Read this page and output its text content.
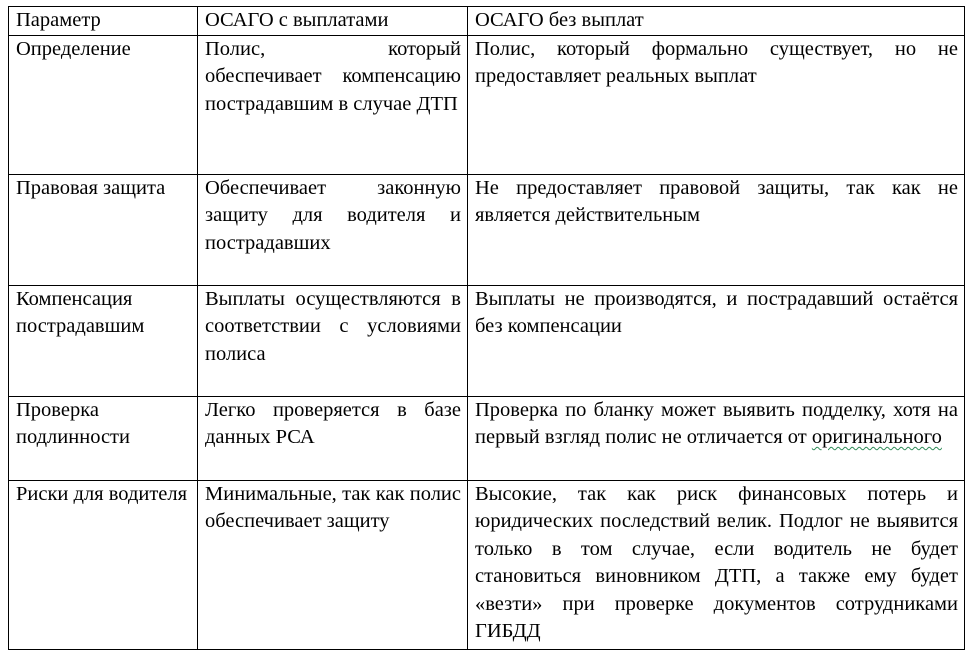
Параметр	ОСАГО с выплатами	ОСАГО без выплат
Определение	Полис, который обеспечивает компенсацию пострадавшим в случае ДТП	Полис, который формально существует, но не предоставляет реальных выплат
Правовая защита	Обеспечивает законную защиту для водителя и пострадавших	Не предоставляет правовой защиты, так как не является действительным
Компенсация пострадавшим	Выплаты осуществляются в соответствии с условиями полиса	Выплаты не производятся, и пострадавший остаётся без компенсации
Проверка подлинности	Легко проверяется в базе данных РСА	Проверка по бланку может выявить подделку, хотя на первый взгляд полис не отличается от оригинального
Риски для водителя	Минимальные, так как полис обеспечивает защиту	Высокие, так как риск финансовых потерь и юридических последствий велик. Подлог не выявится только в том случае, если водитель не будет становиться виновником ДТП, а также ему будет «везти» при проверке документов сотрудниками ГИБДД
